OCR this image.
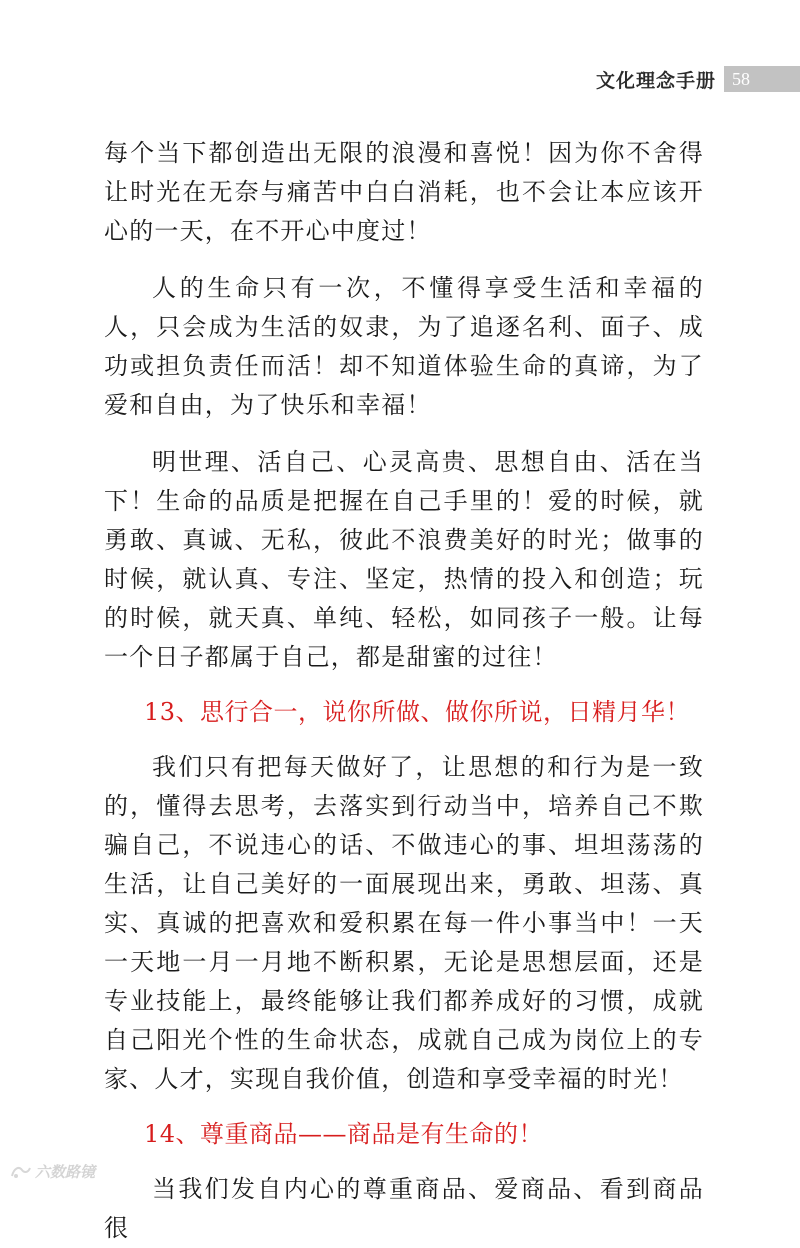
文化理念手册 58

每个当下都创造出无限的浪漫和喜悦！因为你不舍得让时光在无奈与痛苦中白白消耗，也不会让本应该开心的一天，在不开心中度过！

人的生命只有一次，不懂得享受生活和幸福的人，只会成为生活的奴隶，为了追逐名利、面子、成功或担负责任而活！却不知道体验生命的真谛，为了爱和自由，为了快乐和幸福！

明世理、活自己、心灵高贵、思想自由、活在当下！生命的品质是把握在自己手里的！爱的时候，就勇敢、真诚、无私，彼此不浪费美好的时光；做事的时候，就认真、专注、坚定，热情的投入和创造；玩的时候，就天真、单纯、轻松，如同孩子一般。让每一个日子都属于自己，都是甜蜜的过往！

13、思行合一，说你所做、做你所说，日精月华！

我们只有把每天做好了，让思想的和行为是一致的，懂得去思考，去落实到行动当中，培养自己不欺骗自己，不说违心的话、不做违心的事、坦坦荡荡的生活，让自己美好的一面展现出来，勇敢、坦荡、真实、真诚的把喜欢和爱积累在每一件小事当中！一天一天地一月一月地不断积累，无论是思想层面，还是专业技能上，最终能够让我们都养成好的习惯，成就自己阳光个性的生命状态，成就自己成为岗位上的专家、人才，实现自我价值，创造和享受幸福的时光！

14、尊重商品——商品是有生命的！

当我们发自内心的尊重商品、爱商品、看到商品很

六数路镜
